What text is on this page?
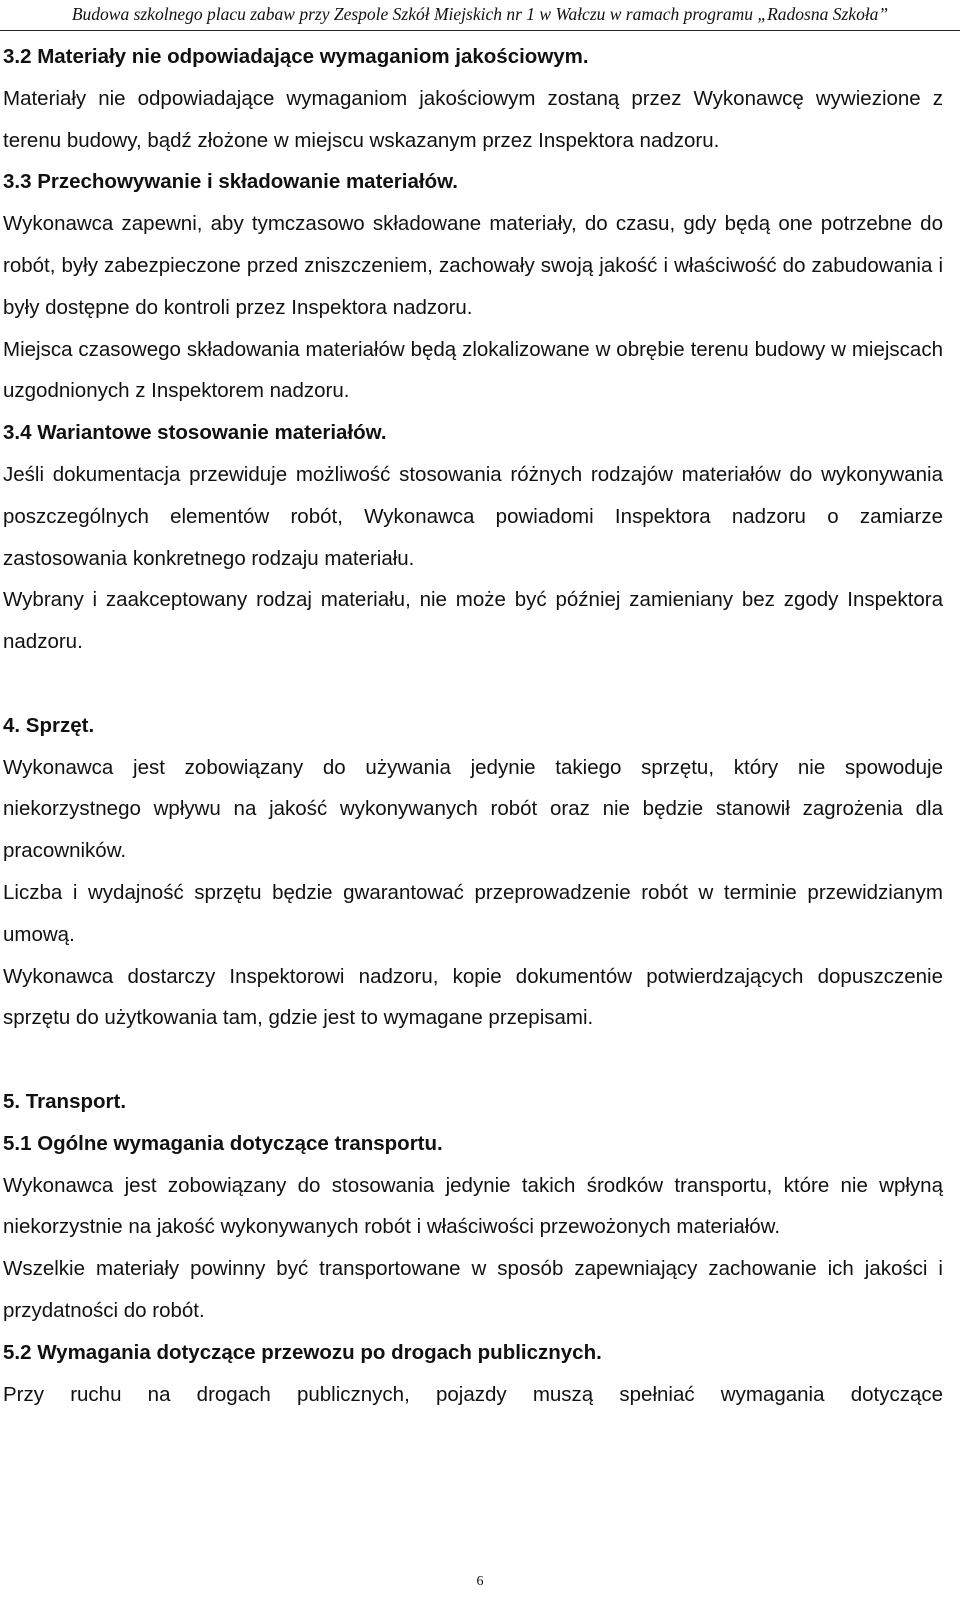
Budowa szkolnego placu zabaw przy Zespole Szkół Miejskich nr 1 w Wałczu w ramach programu „Radosna Szkoła”
3.2 Materiały nie odpowiadające wymaganiom jakościowym.

Materiały nie odpowiadające wymaganiom jakościowym zostaną przez Wykonawcę wywiezione z terenu budowy, bądź złożone w miejscu wskazanym przez Inspektora nadzoru.

3.3 Przechowywanie i składowanie materiałów.

Wykonawca zapewni, aby tymczasowo składowane materiały, do czasu, gdy będą one potrzebne do robót, były zabezpieczone przed zniszczeniem, zachowały swoją jakość i właściwość do zabudowania i były dostępne do kontroli przez Inspektora nadzoru.

Miejsca czasowego składowania materiałów będą zlokalizowane w obrębie terenu budowy w miejscach uzgodnionych z Inspektorem nadzoru.

3.4 Wariantowe stosowanie materiałów.

Jeśli dokumentacja przewiduje możliwość stosowania różnych rodzajów materiałów do wykonywania poszczególnych elementów robót, Wykonawca powiadomi Inspektora nadzoru o zamiarze zastosowania konkretnego rodzaju materiału.

Wybrany i zaakceptowany rodzaj materiału, nie może być później zamieniany bez zgody Inspektora nadzoru.

4. Sprzęt.

Wykonawca jest zobowiązany do używania jedynie takiego sprzętu, który nie spowoduje niekorzystnego wpływu na jakość wykonywanych robót oraz nie będzie stanowił zagrożenia dla pracowników.

Liczba i wydajność sprzętu będzie gwarantować przeprowadzenie robót w terminie przewidzianym umową.

Wykonawca dostarczy Inspektorowi nadzoru, kopie dokumentów potwierdzających dopuszczenie sprzętu do użytkowania tam, gdzie jest to wymagane przepisami.

5. Transport.
5.1 Ogólne wymagania dotyczące transportu.

Wykonawca jest zobowiązany do stosowania jedynie takich środków transportu, które nie wpłyną niekorzystnie na jakość wykonywanych robót i właściwości przewożonych materiałów.

Wszelkie materiały powinny być transportowane w sposób zapewniający zachowanie ich jakości i przydatności do robót.

5.2 Wymagania dotyczące przewozu po drogach publicznych.

Przy ruchu na drogach publicznych, pojazdy muszą spełniać wymagania dotyczące

6
